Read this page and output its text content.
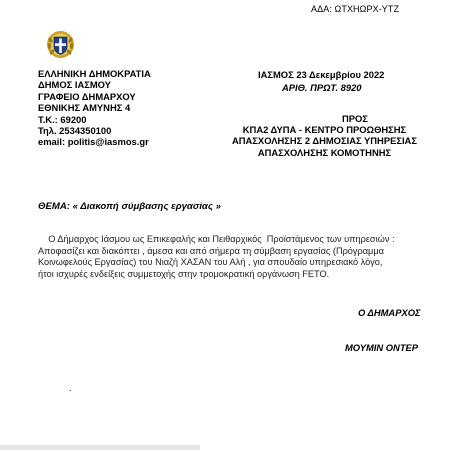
ΑΔΑ: ΩΤΧΗΩΡΧ-ΥΤΖ
ΕΛΛΗΝΙΚΗ ΔΗΜΟΚΡΑΤΙΑ
ΔΗΜΟΣ ΙΑΣΜΟΥ
ΓΡΑΦΕΙΟ ΔΗΜΑΡΧΟΥ
ΕΘΝΙΚΗΣ ΑΜΥΝΗΣ 4
Τ.Κ.: 69200
Τηλ. 2534350100
email: politis@iasmos.gr
ΙΑΣΜΟΣ 23 Δεκεμβρίου 2022
ΑΡΙΘ. ΠΡΩΤ. 8920
ΠΡΟΣ
ΚΠΑ2 ΔΥΠΑ - ΚΕΝΤΡΟ ΠΡΟΩΘΗΣΗΣ
ΑΠΑΣΧΟΛΗΣΗΣ 2 ΔΗΜΟΣΙΑΣ ΥΠΗΡΕΣΙΑΣ
ΑΠΑΣΧΟΛΗΣΗΣ ΚΟΜΟΤΗΝΗΣ
ΘΕΜΑ: « Διακοπή σύμβασης εργασίας »
Ο Δήμαρχος Ιάσμου ως Επικεφαλής και Πειθαρχικός  Προϊστάμενος των υπηρεσιών :
Αποφασίζει και διακόπτει , άμεσα και από σήμερα τη σύμβαση εργασίας (Πρόγραμμα
Κοινωφελούς Εργασίας) του Νιαζή ΧΑΣΑΝ του Αλή , για σπουδαίο υπηρεσιακό λόγο,
ήτοι ισχυρές ενδείξεις συμμετοχής στην τρομοκρατική οργάνωση FETO.
Ο ΔΗΜΑΡΧΟΣ
ΜΟΥΜΙΝ ΟΝΤΕΡ
.
